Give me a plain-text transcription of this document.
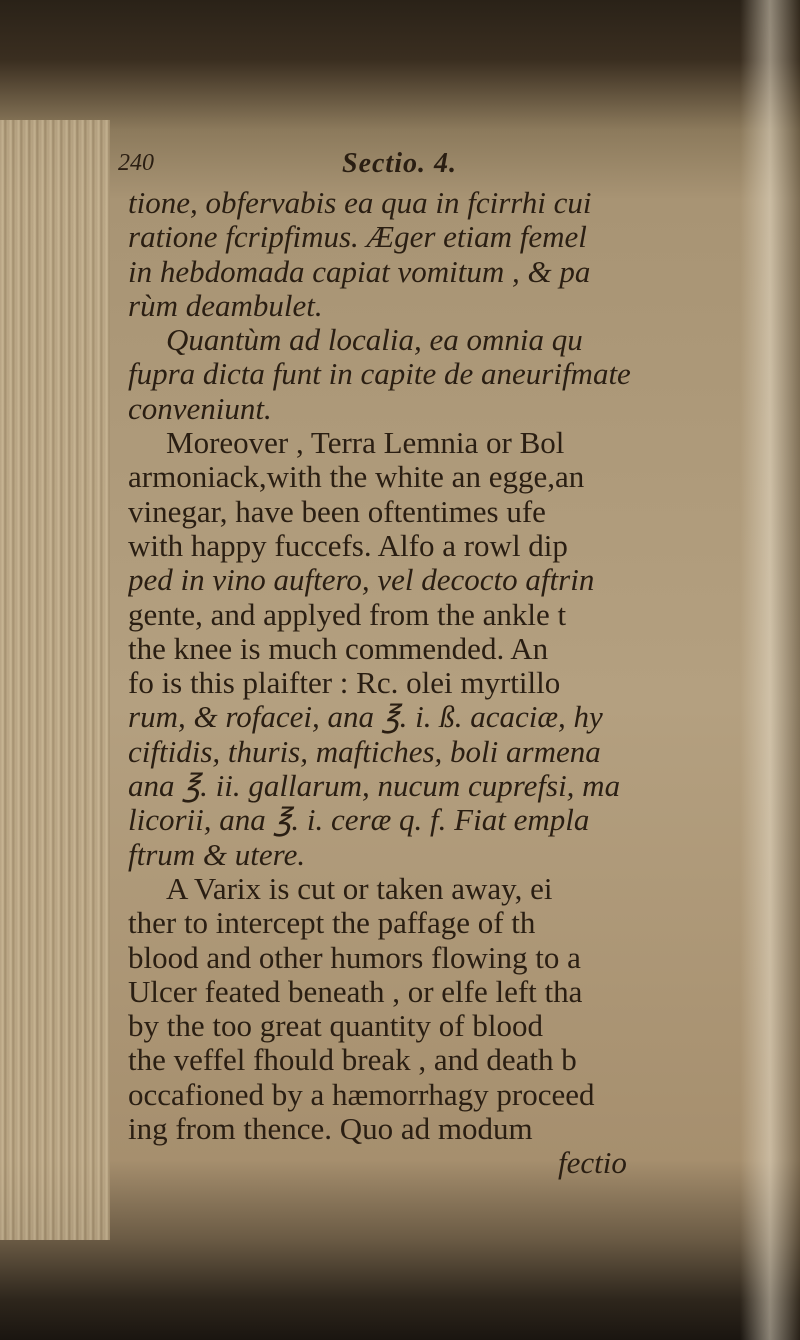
240	Sectio. 4.
tione, obfervabis ea qua in fcirrhi cui
ratione fcripfimus. Æger etiam femel
in hebdomada capiat vomitum , & pa
rùm deambulet.
Quantùm ad localia, ea omnia qu
fupra dicta funt in capite de aneurifmate
conveniunt.
Moreover , Terra Lemnia or Bol
armoniack,with the white an egge,an
vinegar, have been oftentimes ufe
with happy fuccefs. Alfo a rowl dip
ped in vino auftero, vel decocto aftrin
gente, and applyed from the ankle t
the knee is much commended. An
fo is this plaifter : Rc. olei myrtillo
rum, & rofacei, ana ℥. i. ß. acaciæ, hy
ciftidis, thuris, maftiches, boli armena
ana ℥. ii. gallarum, nucum cuprefsi, ma
licorii, ana ℥. i. ceræ q. f. Fiat empla
ftrum & utere.
A Varix is cut or taken away, ei
ther to intercept the paffage of th
blood and other humors flowing to a
Ulcer feated beneath , or elfe left tha
by the too great quantity of blood
the veffel fhould break , and death b
occafioned by a hæmorrhagy proceed
ing from thence. Quo ad modum
fectio
